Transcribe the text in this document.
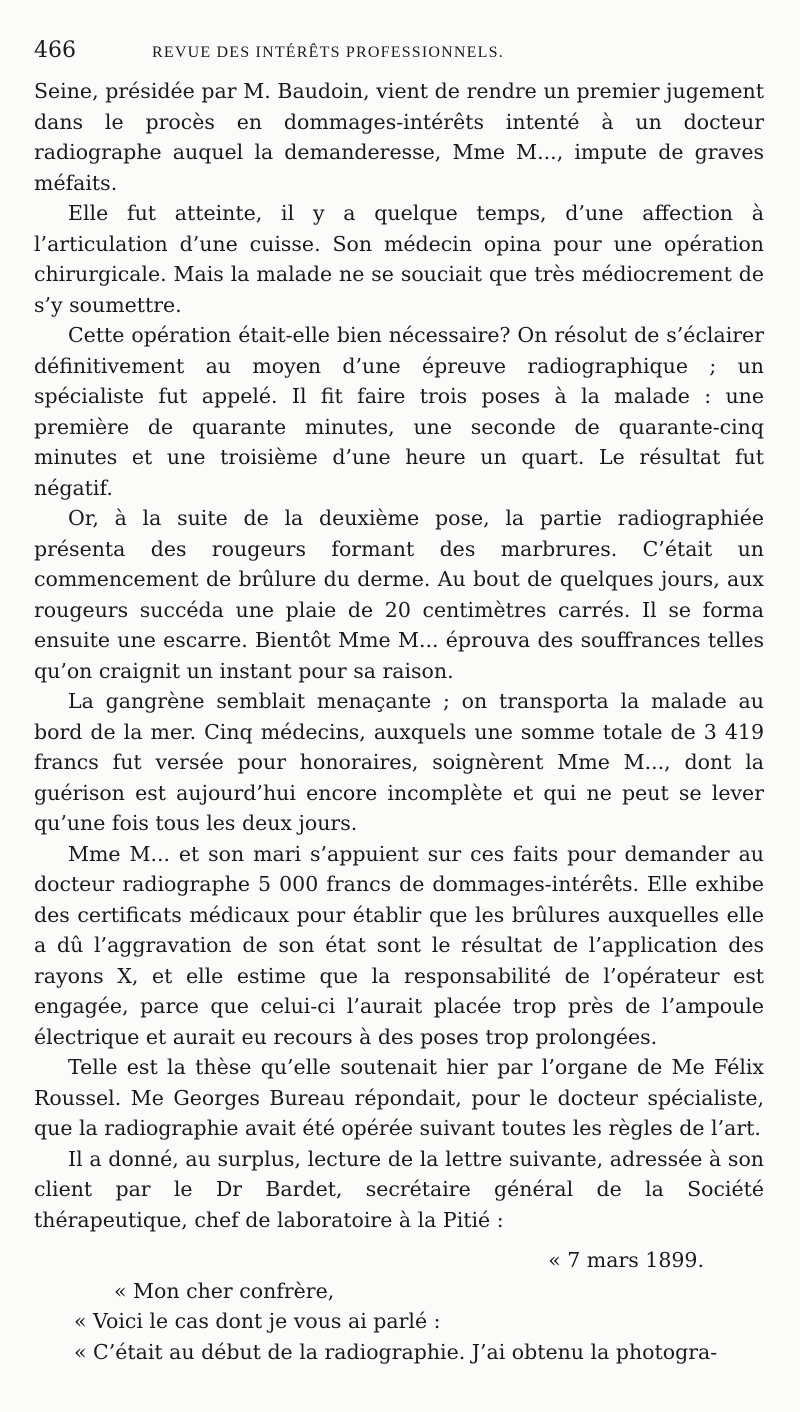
466	REVUE DES INTÉRÊTS PROFESSIONNELS.

Seine, présidée par M. Baudoin, vient de rendre un premier jugement dans le procès en dommages-intérêts intenté à un docteur radiographe auquel la demanderesse, Mme M..., impute de graves méfaits.

Elle fut atteinte, il y a quelque temps, d’une affection à l’articulation d’une cuisse. Son médecin opina pour une opération chirurgicale. Mais la malade ne se souciait que très médiocrement de s’y soumettre.

Cette opération était-elle bien nécessaire? On résolut de s’éclairer définitivement au moyen d’une épreuve radiographique ; un spécialiste fut appelé. Il fit faire trois poses à la malade : une première de quarante minutes, une seconde de quarante-cinq minutes et une troisième d’une heure un quart. Le résultat fut négatif.

Or, à la suite de la deuxième pose, la partie radiographiée présenta des rougeurs formant des marbrures. C’était un commencement de brûlure du derme. Au bout de quelques jours, aux rougeurs succéda une plaie de 20 centimètres carrés. Il se forma ensuite une escarre. Bientôt Mme M... éprouva des souffrances telles qu’on craignit un instant pour sa raison.

La gangrène semblait menaçante ; on transporta la malade au bord de la mer. Cinq médecins, auxquels une somme totale de 3 419 francs fut versée pour honoraires, soignèrent Mme M..., dont la guérison est aujourd’hui encore incomplète et qui ne peut se lever qu’une fois tous les deux jours.

Mme M... et son mari s’appuient sur ces faits pour demander au docteur radiographe 5 000 francs de dommages-intérêts. Elle exhibe des certificats médicaux pour établir que les brûlures auxquelles elle a dû l’aggravation de son état sont le résultat de l’application des rayons X, et elle estime que la responsabilité de l’opérateur est engagée, parce que celui-ci l’aurait placée trop près de l’ampoule électrique et aurait eu recours à des poses trop prolongées.

Telle est la thèse qu’elle soutenait hier par l’organe de Me Félix Roussel. Me Georges Bureau répondait, pour le docteur spécialiste, que la radiographie avait été opérée suivant toutes les règles de l’art.

Il a donné, au surplus, lecture de la lettre suivante, adressée à son client par le Dr Bardet, secrétaire général de la Société thérapeutique, chef de laboratoire à la Pitié :

« 7 mars 1899.

« Mon cher confrère,

« Voici le cas dont je vous ai parlé :

« C’était au début de la radiographie. J’ai obtenu la photogra-
